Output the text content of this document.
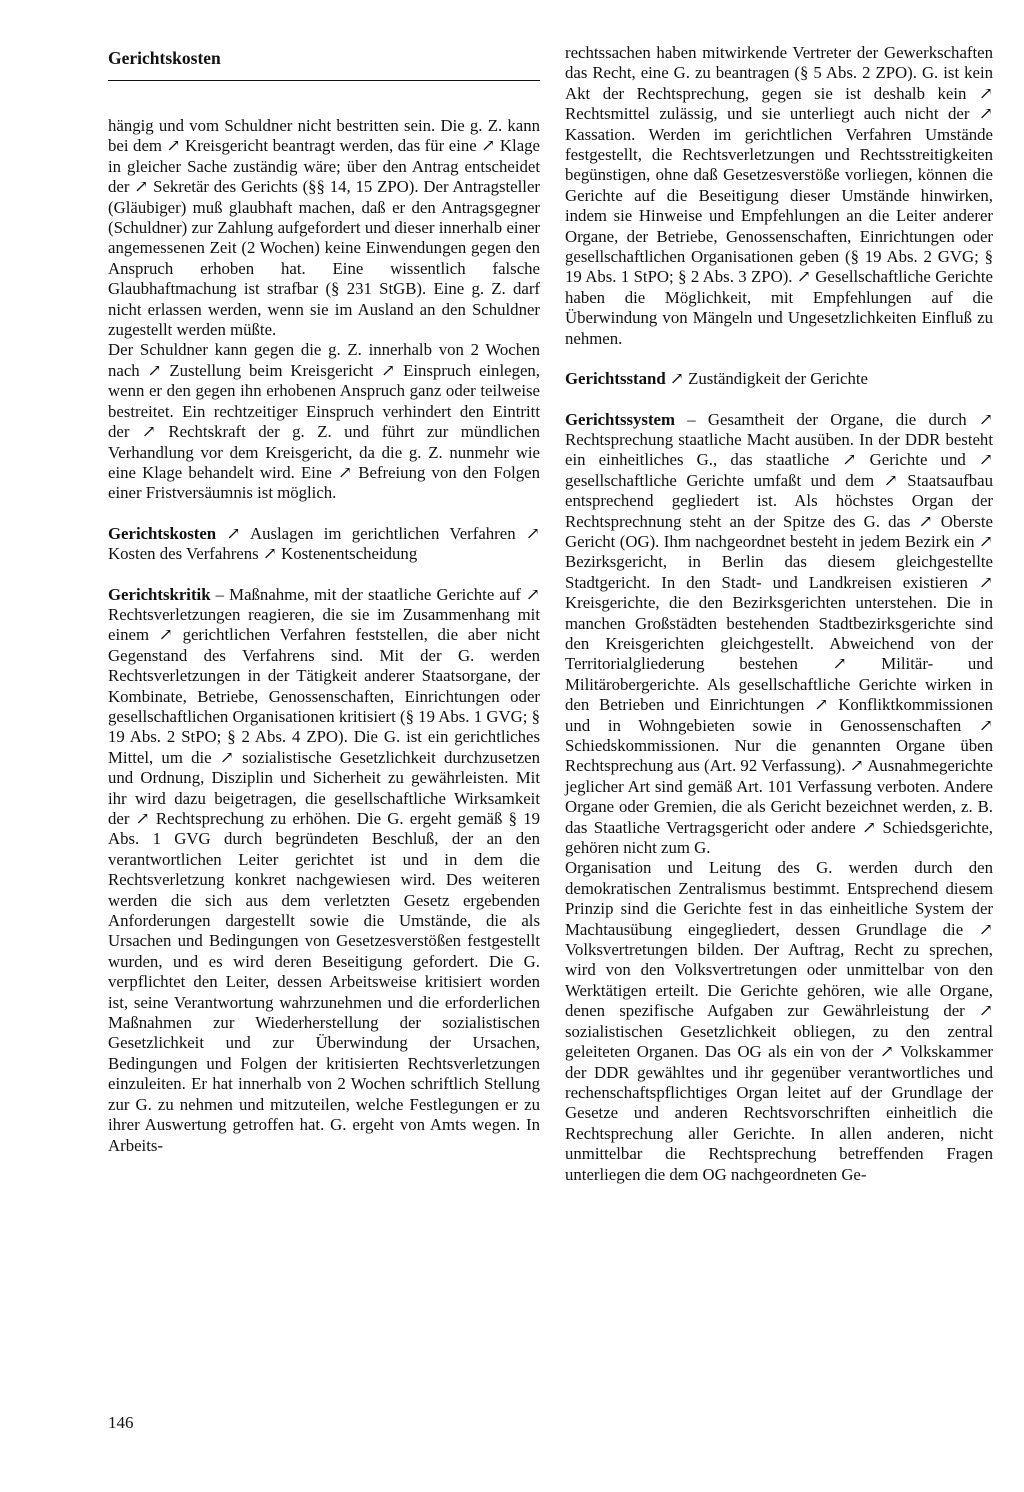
Gerichtskosten

hängig und vom Schuldner nicht bestritten sein. Die g. Z. kann bei dem ↗ Kreisgericht beantragt werden, das für eine ↗ Klage in gleicher Sache zuständig wäre; über den Antrag entscheidet der ↗ Sekretär des Gerichts (§§ 14, 15 ZPO). Der Antragsteller (Gläubiger) muß glaubhaft machen, daß er den Antragsgegner (Schuldner) zur Zahlung aufgefordert und dieser innerhalb einer angemessenen Zeit (2 Wochen) keine Einwendungen gegen den Anspruch erhoben hat. Eine wissentlich falsche Glaubhaftmachung ist strafbar (§ 231 StGB). Eine g. Z. darf nicht erlassen werden, wenn sie im Ausland an den Schuldner zugestellt werden müßte.

Der Schuldner kann gegen die g. Z. innerhalb von 2 Wochen nach ↗ Zustellung beim Kreisgericht ↗ Einspruch einlegen, wenn er den gegen ihn erhobenen Anspruch ganz oder teilweise bestreitet. Ein rechtzeitiger Einspruch verhindert den Eintritt der ↗ Rechtskraft der g. Z. und führt zur mündlichen Verhandlung vor dem Kreisgericht, da die g. Z. nunmehr wie eine Klage behandelt wird. Eine ↗ Befreiung von den Folgen einer Fristversäumnis ist möglich.

Gerichtskosten ↗ Auslagen im gerichtlichen Verfahren ↗ Kosten des Verfahrens ↗ Kostenentscheidung

Gerichtskritik – Maßnahme, mit der staatliche Gerichte auf ↗ Rechtsverletzungen reagieren, die sie im Zusammenhang mit einem ↗ gerichtlichen Verfahren feststellen, die aber nicht Gegenstand des Verfahrens sind. Mit der G. werden Rechtsverletzungen in der Tätigkeit anderer Staatsorgane, der Kombinate, Betriebe, Genossenschaften, Einrichtungen oder gesellschaftlichen Organisationen kritisiert (§ 19 Abs. 1 GVG; § 19 Abs. 2 StPO; § 2 Abs. 4 ZPO). Die G. ist ein gerichtliches Mittel, um die ↗ sozialistische Gesetzlichkeit durchzusetzen und Ordnung, Disziplin und Sicherheit zu gewährleisten. Mit ihr wird dazu beigetragen, die gesellschaftliche Wirksamkeit der ↗ Rechtsprechung zu erhöhen. Die G. ergeht gemäß § 19 Abs. 1 GVG durch begründeten Beschluß, der an den verantwortlichen Leiter gerichtet ist und in dem die Rechtsverletzung konkret nachgewiesen wird. Des weiteren werden die sich aus dem verletzten Gesetz ergebenden Anforderungen dargestellt sowie die Umstände, die als Ursachen und Bedingungen von Gesetzesverstößen festgestellt wurden, und es wird deren Beseitigung gefordert. Die G. verpflichtet den Leiter, dessen Arbeitsweise kritisiert worden ist, seine Verantwortung wahrzunehmen und die erforderlichen Maßnahmen zur Wiederherstellung der sozialistischen Gesetzlichkeit und zur Überwindung der Ursachen, Bedingungen und Folgen der kritisierten Rechtsverletzungen einzuleiten. Er hat innerhalb von 2 Wochen schriftlich Stellung zur G. zu nehmen und mitzuteilen, welche Festlegungen er zu ihrer Auswertung getroffen hat. G. ergeht von Amts wegen. In Arbeits-

rechtssachen haben mitwirkende Vertreter der Gewerkschaften das Recht, eine G. zu beantragen (§ 5 Abs. 2 ZPO). G. ist kein Akt der Rechtsprechung, gegen sie ist deshalb kein ↗ Rechtsmittel zulässig, und sie unterliegt auch nicht der ↗ Kassation. Werden im gerichtlichen Verfahren Umstände festgestellt, die Rechtsverletzungen und Rechtsstreitigkeiten begünstigen, ohne daß Gesetzesverstöße vorliegen, können die Gerichte auf die Beseitigung dieser Umstände hinwirken, indem sie Hinweise und Empfehlungen an die Leiter anderer Organe, der Betriebe, Genossenschaften, Einrichtungen oder gesellschaftlichen Organisationen geben (§ 19 Abs. 2 GVG; § 19 Abs. 1 StPO; § 2 Abs. 3 ZPO). ↗ Gesellschaftliche Gerichte haben die Möglichkeit, mit Empfehlungen auf die Überwindung von Mängeln und Ungesetzlichkeiten Einfluß zu nehmen.

Gerichtsstand ↗ Zuständigkeit der Gerichte

Gerichtssystem – Gesamtheit der Organe, die durch ↗ Rechtsprechung staatliche Macht ausüben. In der DDR besteht ein einheitliches G., das staatliche ↗ Gerichte und ↗ gesellschaftliche Gerichte umfaßt und dem ↗ Staatsaufbau entsprechend gegliedert ist. Als höchstes Organ der Rechtsprechnung steht an der Spitze des G. das ↗ Oberste Gericht (OG). Ihm nachgeordnet besteht in jedem Bezirk ein ↗ Bezirksgericht, in Berlin das diesem gleichgestellte Stadtgericht. In den Stadt- und Landkreisen existieren ↗ Kreisgerichte, die den Bezirksgerichten unterstehen. Die in manchen Großstädten bestehenden Stadtbezirksgerichte sind den Kreisgerichten gleichgestellt. Abweichend von der Territorialgliederung bestehen ↗ Militär- und Militärobergerichte. Als gesellschaftliche Gerichte wirken in den Betrieben und Einrichtungen ↗ Konfliktkommissionen und in Wohngebieten sowie in Genossenschaften ↗ Schiedskommissionen. Nur die genannten Organe üben Rechtsprechung aus (Art. 92 Verfassung). ↗ Ausnahmegerichte jeglicher Art sind gemäß Art. 101 Verfassung verboten. Andere Organe oder Gremien, die als Gericht bezeichnet werden, z. B. das Staatliche Vertragsgericht oder andere ↗ Schiedsgerichte, gehören nicht zum G.

Organisation und Leitung des G. werden durch den demokratischen Zentralismus bestimmt. Entsprechend diesem Prinzip sind die Gerichte fest in das einheitliche System der Machtausübung eingegliedert, dessen Grundlage die ↗ Volksvertretungen bilden. Der Auftrag, Recht zu sprechen, wird von den Volksvertretungen oder unmittelbar von den Werktätigen erteilt. Die Gerichte gehören, wie alle Organe, denen spezifische Aufgaben zur Gewährleistung der ↗ sozialistischen Gesetzlichkeit obliegen, zu den zentral geleiteten Organen. Das OG als ein von der ↗ Volkskammer der DDR gewähltes und ihr gegenüber verantwortliches und rechenschaftspflichtiges Organ leitet auf der Grundlage der Gesetze und anderen Rechtsvorschriften einheitlich die Rechtsprechung aller Gerichte. In allen anderen, nicht unmittelbar die Rechtsprechung betreffenden Fragen unterliegen die dem OG nachgeordneten Ge-

146
